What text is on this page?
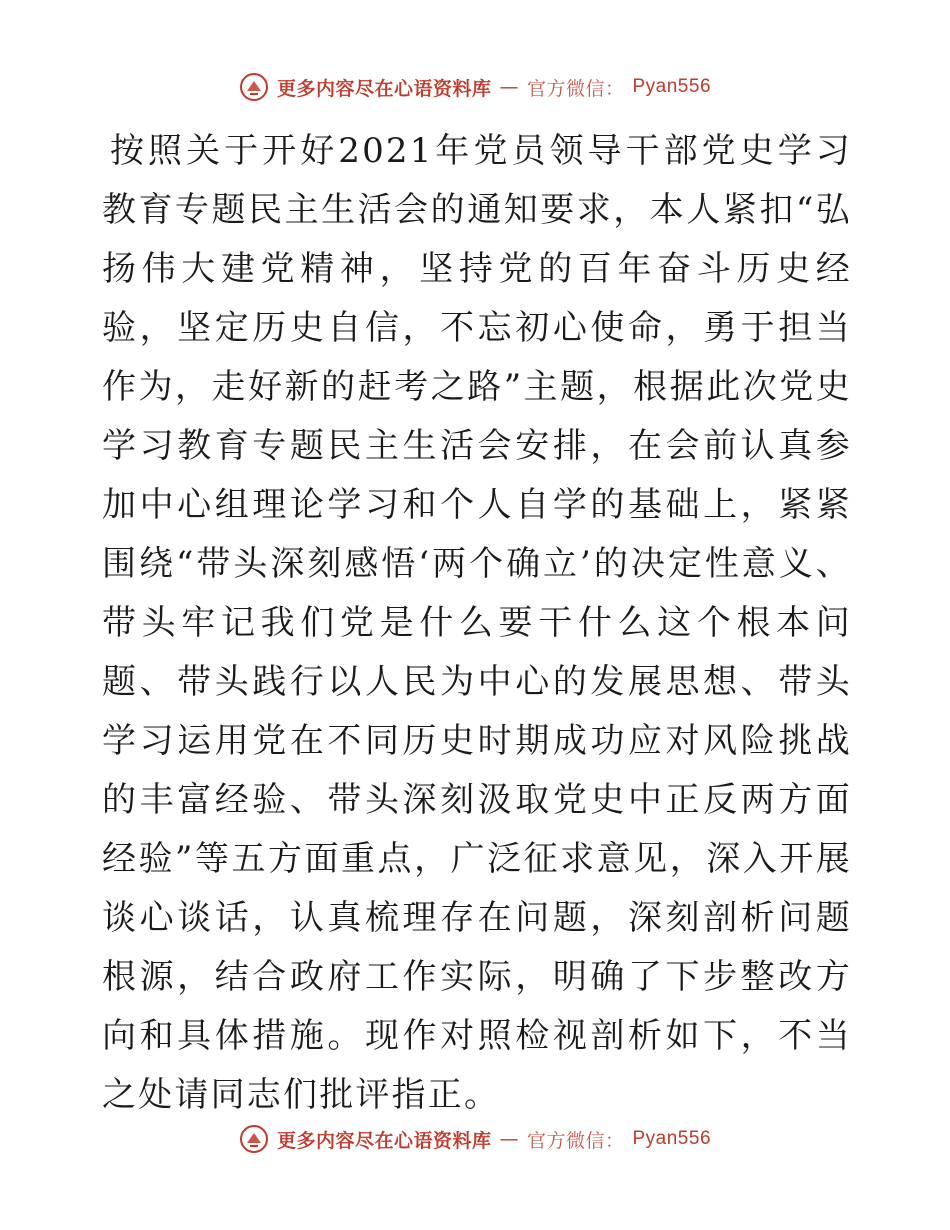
更多内容尽在心语资料库 — 官方微信： Pyan556
按照关于开好2021年党员领导干部党史学习教育专题民主生活会的通知要求，本人紧扣“弘扬伟大建党精神，坚持党的百年奋斗历史经验，坚定历史自信，不忘初心使命，勇于担当作为，走好新的赶考之路”主题，根据此次党史学习教育专题民主生活会安排，在会前认真参加中心组理论学习和个人自学的基础上，紧紧围绕“带头深刻感悟‘两个确立’的决定性意义、带头牢记我们党是什么要干什么这个根本问题、带头践行以人民为中心的发展思想、带头学习运用党在不同历史时期成功应对风险挑战的丰富经验、带头深刻汲取党史中正反两方面经验”等五方面重点，广泛征求意见，深入开展谈心谈话，认真梳理存在问题，深刻剖析问题根源，结合政府工作实际，明确了下步整改方向和具体措施。现作对照检视剖析如下，不当之处请同志们批评指正。
更多内容尽在心语资料库 — 官方微信： Pyan556
